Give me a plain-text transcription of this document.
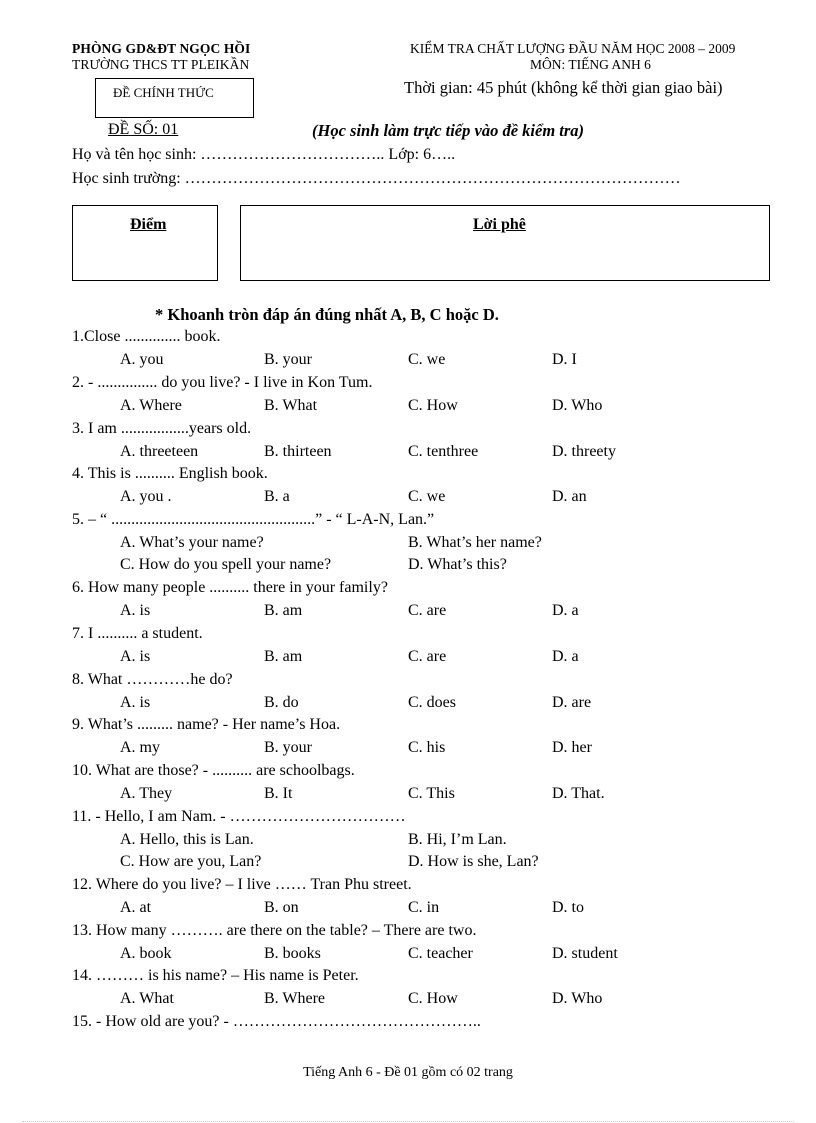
PHÒNG GD&ĐT NGỌC HỒI
TRƯỜNG THCS TT PLEIKẦN
ĐỀ CHÍNH THỨC
KIỂM TRA CHẤT LƯỢNG ĐẦU NĂM HỌC 2008 – 2009
MÔN: TIẾNG ANH 6
Thời gian: 45 phút (không kể thời gian giao bài)
ĐỀ SỐ: 01	(Học sinh làm trực tiếp vào đề kiểm tra)
Họ và tên học sinh: …………………………….. Lớp: 6…..
Học sinh trường: …………………………………………………………………………………
Điểm	Lời phê
* Khoanh tròn đáp án đúng nhất A, B, C hoặc D.
1.Close .............. book.
A. you	B. your	C. we	D. I
2. - ............... do you live? - I live in Kon Tum.
A. Where	B. What	C. How	D. Who
3. I am .................years old.
A. threeteen	B. thirteen	C. tenthree	D. threety
4. This is .......... English book.
A. you .	B. a	C. we	D. an
5. – “ ...................................................” - “ L-A-N, Lan.”
A. What’s your name?	B. What’s her name?
C. How do you spell your name?	D. What’s this?
6. How many people .......... there in your family?
A. is	B. am	C. are	D. a
7. I .......... a student.
A. is	B. am	C. are	D. a
8. What …………he do?
A. is	B. do	C. does	D. are
9. What’s ......... name? - Her name’s Hoa.
A. my	B. your	C. his	D. her
10. What are those? - .......... are schoolbags.
A. They	B. It	C. This	D. That.
11. - Hello, I am Nam. - ……………………………
A. Hello, this is Lan.	B. Hi, I’m Lan.
C. How are you, Lan?	D. How is she, Lan?
12. Where do you live? – I live …… Tran Phu street.
A. at	B. on	C. in	D. to
13. How many ………. are there on the table? – There are two.
A. book	B. books	C. teacher	D. student
14. ……… is his name? – His name is Peter.
A. What	B. Where	C. How	D. Who
15. - How old are you? - ………………………………………..
Tiếng Anh 6 - Đề 01 gồm có 02 trang
